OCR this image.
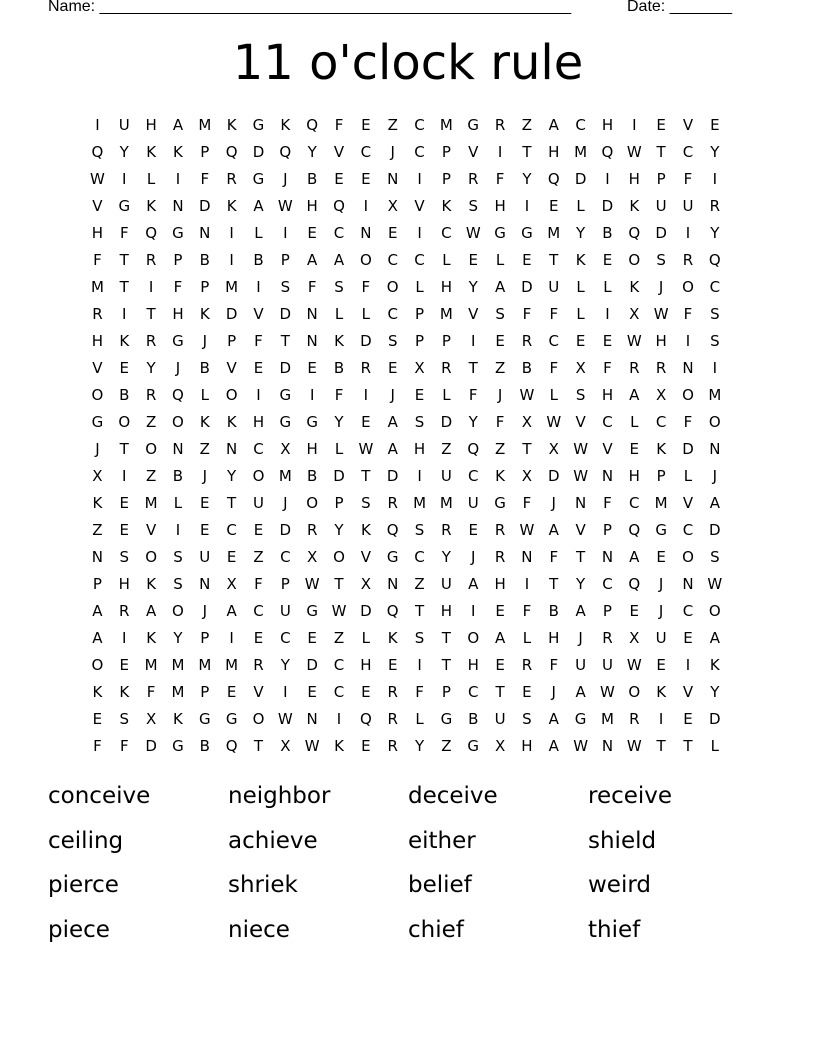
Name: _____________________________________________________	Date: _______
11 o'clock rule
I	U	H	A	M	K	G	K	Q	F	E	Z	C	M G	R	Z	A	C	H	I	E	V	E
Q	Y	K	K	P	Q	D	Q	Y	V	C	J	C	P	V	I	T	H M Q W T	C	Y
W	I	L	I	F	R	G	J	B	E	E	N	I	P	R	F	Y	Q	D	I	H	P	F	I
V	G	K	N	D	K	A W H	Q	I	X	V	K	S	H	I	E	L	D	K	U	U	R
H	F	Q	G	N	I	L	I	E	C	N	E	I	C W G	G M	Y	B	Q	D	I	Y
F	T	R	P	B	I	B	P	A	A	O	C	C	L	E	L	E	T	K	E	O	S	R	Q
M	T	I	F	P	M	I	S	F	S	F	O	L	H	Y	A	D	U	L	L	K	J	O	C
R	I	T	H	K	D	V	D	N	L	L	C	P	M	V	S	F	F	L	I	X W	F	S
H	K	R	G	J	P	F	T	N	K	D	S	P	P	I	E	R	C	E	E W H	I	S
V	E	Y	J	B	V	E	D	E	B	R	E	X	R	T	Z	B	F	X	F	R	R	N	I
O	B	R	Q	L	O	I	G	I	F	I	J	E	L	F	J	W	L	S	H	A	X	O M
G	O	Z	O	K	K	H	G	G	Y	E	A	S	D	Y	F	X W V	C	L	C	F	O
J	T	O	N	Z	N	C	X	H	L	W A	H	Z	Q	Z	T	X W V	E	K	D	N
X	I	Z	B	J	Y	O M	B	D	T	D	I	U	C	K	X	D W N	H	P	L	J
K	E	M	L	E	T	U	J	O	P	S	R	M M U	G	F	J	N	F	C	M	V	A
Z	E	V	I	E	C	E	D	R	Y	K	Q	S	R	E	R W A	V	P	Q	G	C	D
N	S	O	S	U	E	Z	C	X	O	V	G	C	Y	J	R	N	F	T	N	A	E	O	S
P	H	K	S	N	X	F	P W T	X	N	Z	U	A	H	I	T	Y	C	Q	J	N W
A	R	A	O	J	A	C	U	G W D	Q	T	H	I	E	F	B	A	P	E	J	C	O
A	I	K	Y	P	I	E	C	E	Z	L	K	S	T	O	A	L	H	J	R	X	U	E	A
O	E	M M M M	R	Y	D	C	H	E	I	T	H	E	R	F	U	U W E	I	K
K	K	F	M	P	E	V	I	E	C	E	R	F	P	C	T	E	J	A W O	K	V	Y
E	S	X	K	G	G	O W N	I	Q	R	L	G	B	U	S	A	G M	R	I	E	D
F	F	D	G	B	Q	T	X W K	E	R	Y	Z	G	X	H	A W N W T	T	L
conceive	neighbor	deceive	receive
ceiling	achieve	either	shield
pierce	shriek	belief	weird
piece	niece	chief	thief
